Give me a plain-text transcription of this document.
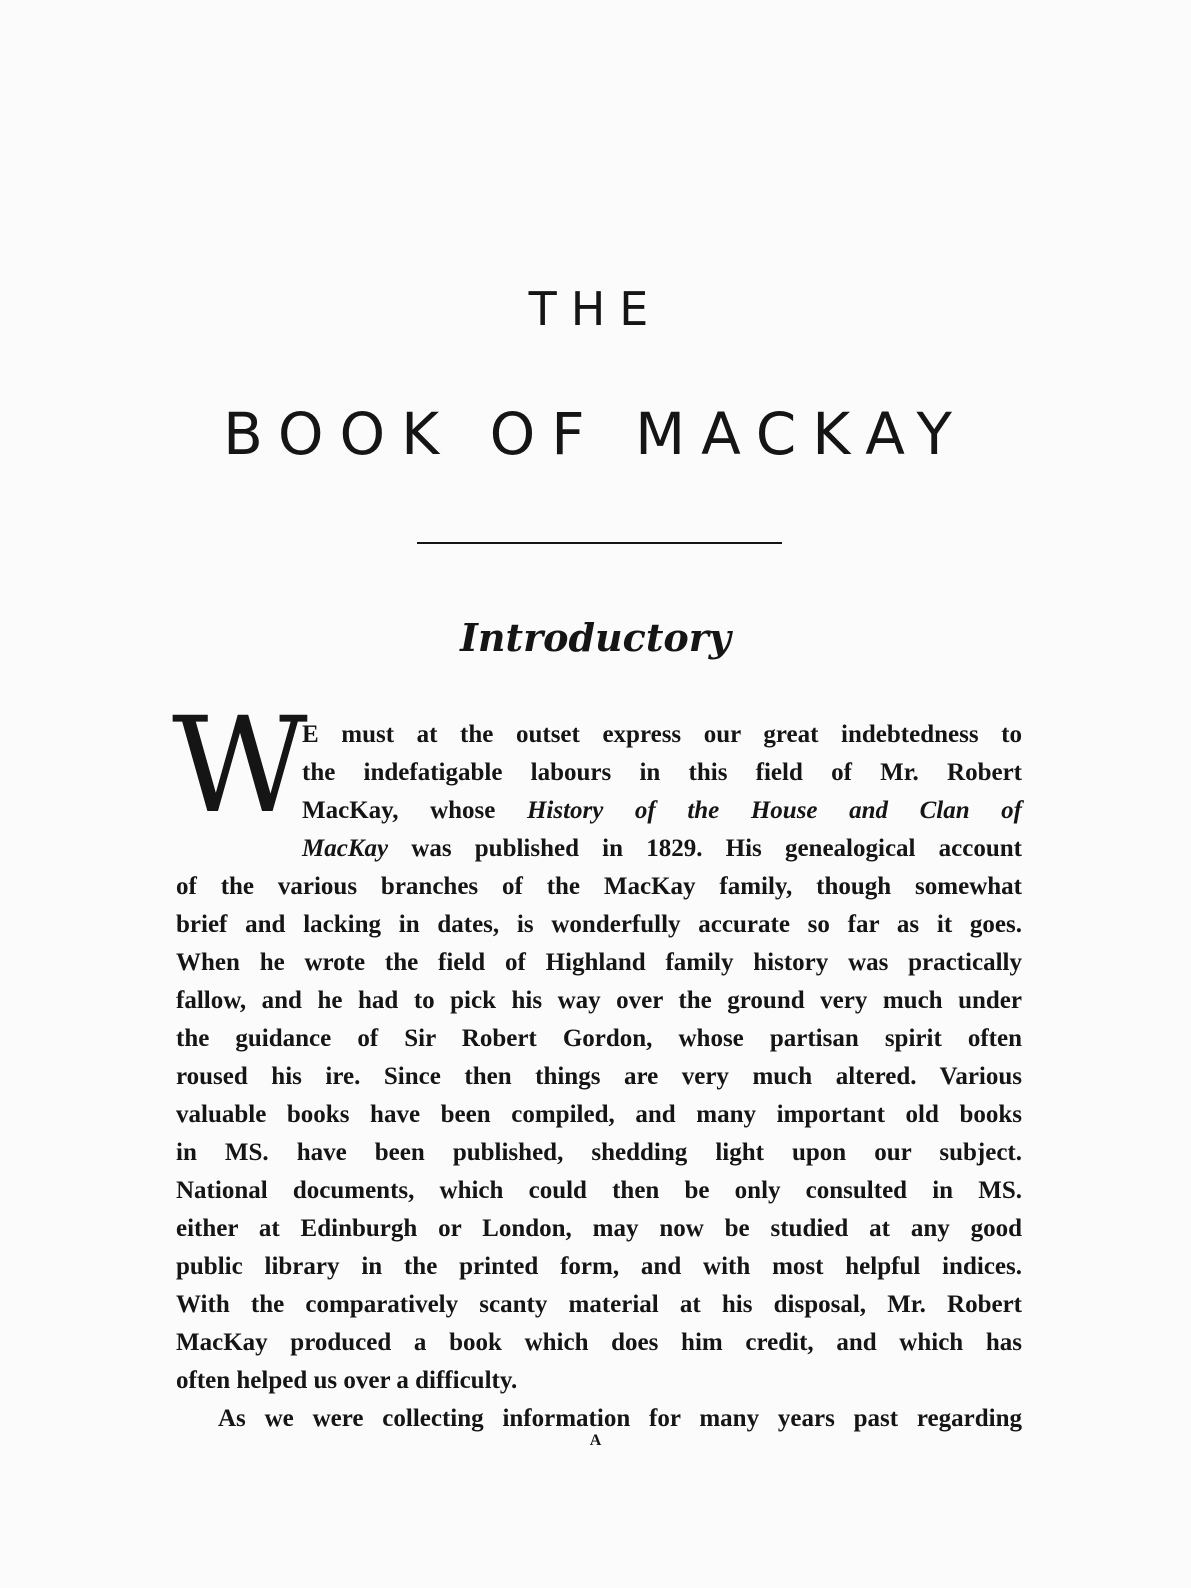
THE
BOOK OF MACKAY
Introductory
W
E must at the outset express our great indebtedness to
the indefatigable labours in this field of Mr. Robert
MacKay, whose History of the House and Clan of
MacKay was published in 1829. His genealogical account
of the various branches of the MacKay family, though somewhat
brief and lacking in dates, is wonderfully accurate so far as it goes.
When he wrote the field of Highland family history was practically
fallow, and he had to pick his way over the ground very much under
the guidance of Sir Robert Gordon, whose partisan spirit often
roused his ire. Since then things are very much altered. Various
valuable books have been compiled, and many important old books
in MS. have been published, shedding light upon our subject.
National documents, which could then be only consulted in MS.
either at Edinburgh or London, may now be studied at any good
public library in the printed form, and with most helpful indices.
With the comparatively scanty material at his disposal, Mr. Robert
MacKay produced a book which does him credit, and which has
often helped us over a difficulty.
As we were collecting information for many years past regarding
A
